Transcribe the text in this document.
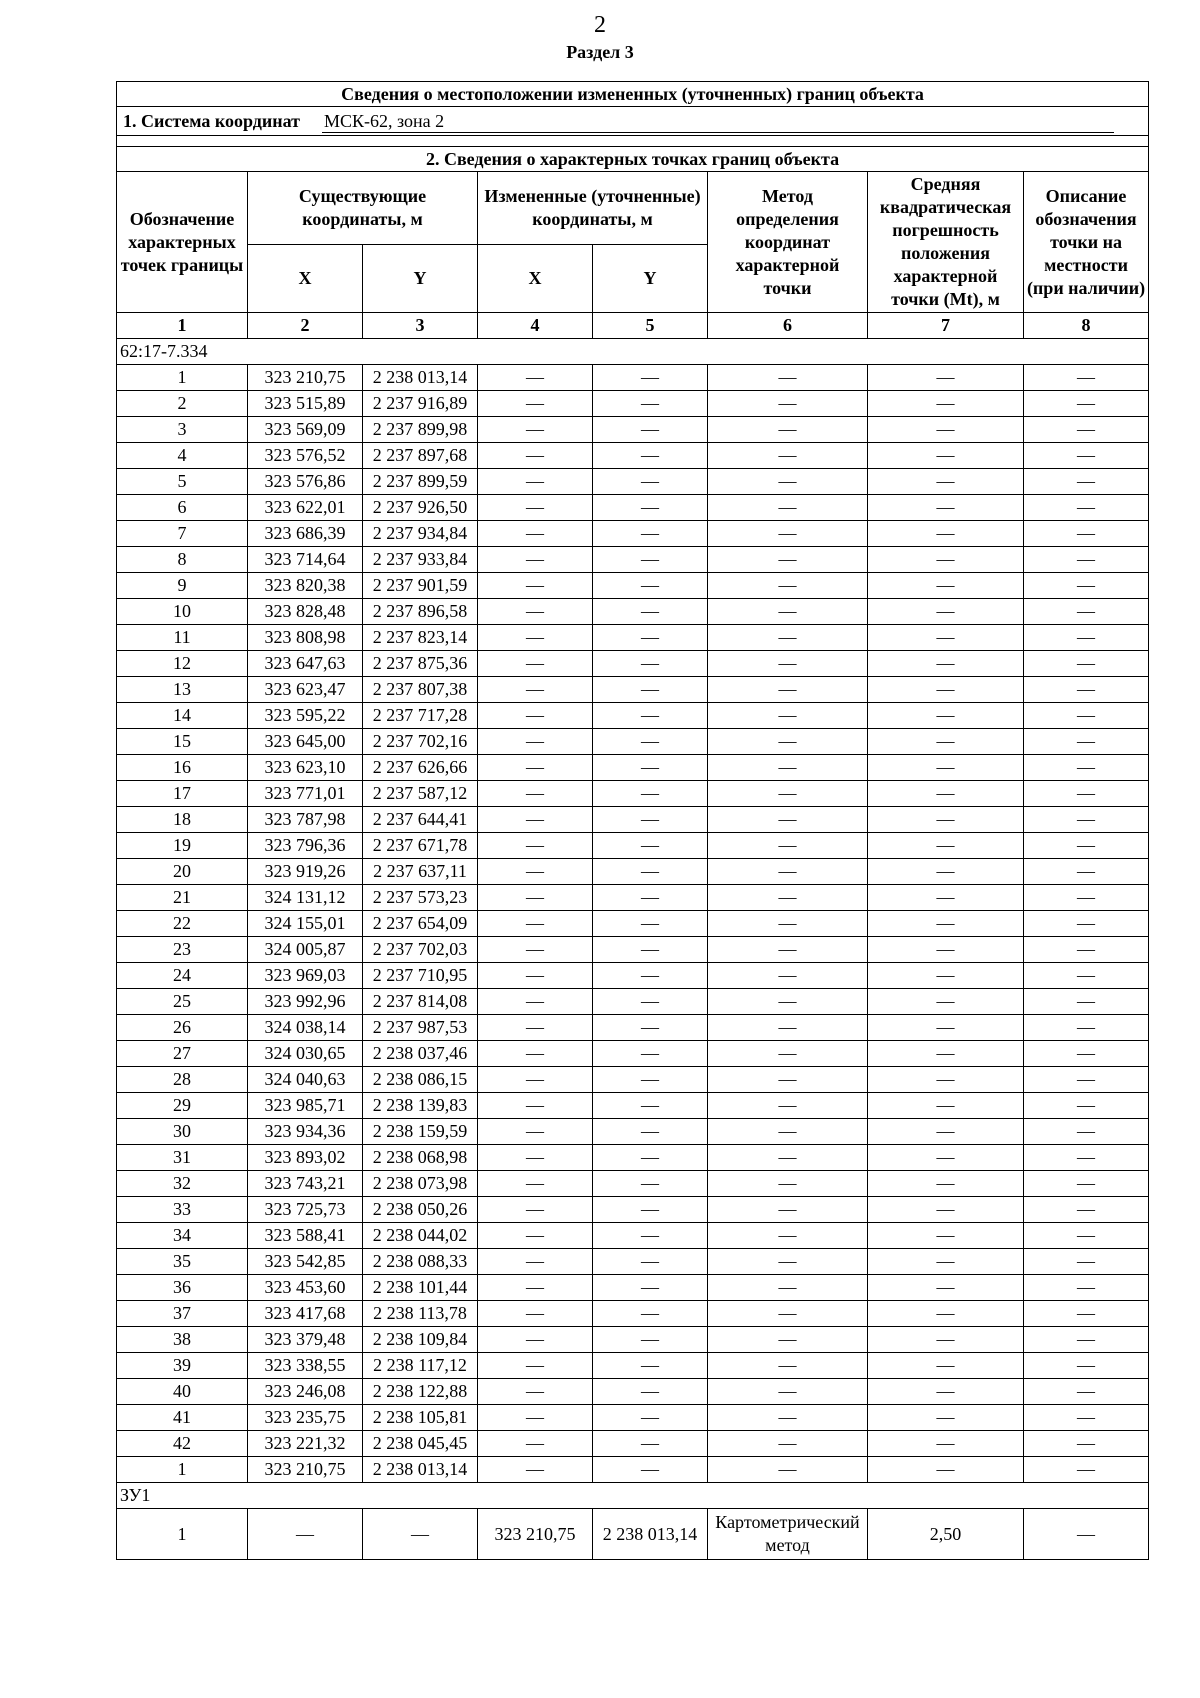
2
Раздел 3
Сведения о местоположении измененных (уточненных) границ объекта							
1. Система координат МСК-62, зона 2							

2. Сведения о характерных точках границ объекта							
Обозначение характерных точек границы	Существующие координаты, м		Измененные (уточненные) координаты, м		Метод определения координат характерной точки	Средняя квадратическая погрешность положения характерной точки (Mt), м	Описание обозначения точки на местности (при наличии)
	X	Y	X	Y			
1	2	3	4	5	6	7	8
62:17-7.334							
1	323 210,75	2 238 013,14	—	—	—	—	—
2	323 515,89	2 237 916,89	—	—	—	—	—
3	323 569,09	2 237 899,98	—	—	—	—	—
4	323 576,52	2 237 897,68	—	—	—	—	—
5	323 576,86	2 237 899,59	—	—	—	—	—
6	323 622,01	2 237 926,50	—	—	—	—	—
7	323 686,39	2 237 934,84	—	—	—	—	—
8	323 714,64	2 237 933,84	—	—	—	—	—
9	323 820,38	2 237 901,59	—	—	—	—	—
10	323 828,48	2 237 896,58	—	—	—	—	—
11	323 808,98	2 237 823,14	—	—	—	—	—
12	323 647,63	2 237 875,36	—	—	—	—	—
13	323 623,47	2 237 807,38	—	—	—	—	—
14	323 595,22	2 237 717,28	—	—	—	—	—
15	323 645,00	2 237 702,16	—	—	—	—	—
16	323 623,10	2 237 626,66	—	—	—	—	—
17	323 771,01	2 237 587,12	—	—	—	—	—
18	323 787,98	2 237 644,41	—	—	—	—	—
19	323 796,36	2 237 671,78	—	—	—	—	—
20	323 919,26	2 237 637,11	—	—	—	—	—
21	324 131,12	2 237 573,23	—	—	—	—	—
22	324 155,01	2 237 654,09	—	—	—	—	—
23	324 005,87	2 237 702,03	—	—	—	—	—
24	323 969,03	2 237 710,95	—	—	—	—	—
25	323 992,96	2 237 814,08	—	—	—	—	—
26	324 038,14	2 237 987,53	—	—	—	—	—
27	324 030,65	2 238 037,46	—	—	—	—	—
28	324 040,63	2 238 086,15	—	—	—	—	—
29	323 985,71	2 238 139,83	—	—	—	—	—
30	323 934,36	2 238 159,59	—	—	—	—	—
31	323 893,02	2 238 068,98	—	—	—	—	—
32	323 743,21	2 238 073,98	—	—	—	—	—
33	323 725,73	2 238 050,26	—	—	—	—	—
34	323 588,41	2 238 044,02	—	—	—	—	—
35	323 542,85	2 238 088,33	—	—	—	—	—
36	323 453,60	2 238 101,44	—	—	—	—	—
37	323 417,68	2 238 113,78	—	—	—	—	—
38	323 379,48	2 238 109,84	—	—	—	—	—
39	323 338,55	2 238 117,12	—	—	—	—	—
40	323 246,08	2 238 122,88	—	—	—	—	—
41	323 235,75	2 238 105,81	—	—	—	—	—
42	323 221,32	2 238 045,45	—	—	—	—	—
1	323 210,75	2 238 013,14	—	—	—	—	—
ЗУ1							
1	—	—	323 210,75	2 238 013,14	Картометрический метод	2,50	—
